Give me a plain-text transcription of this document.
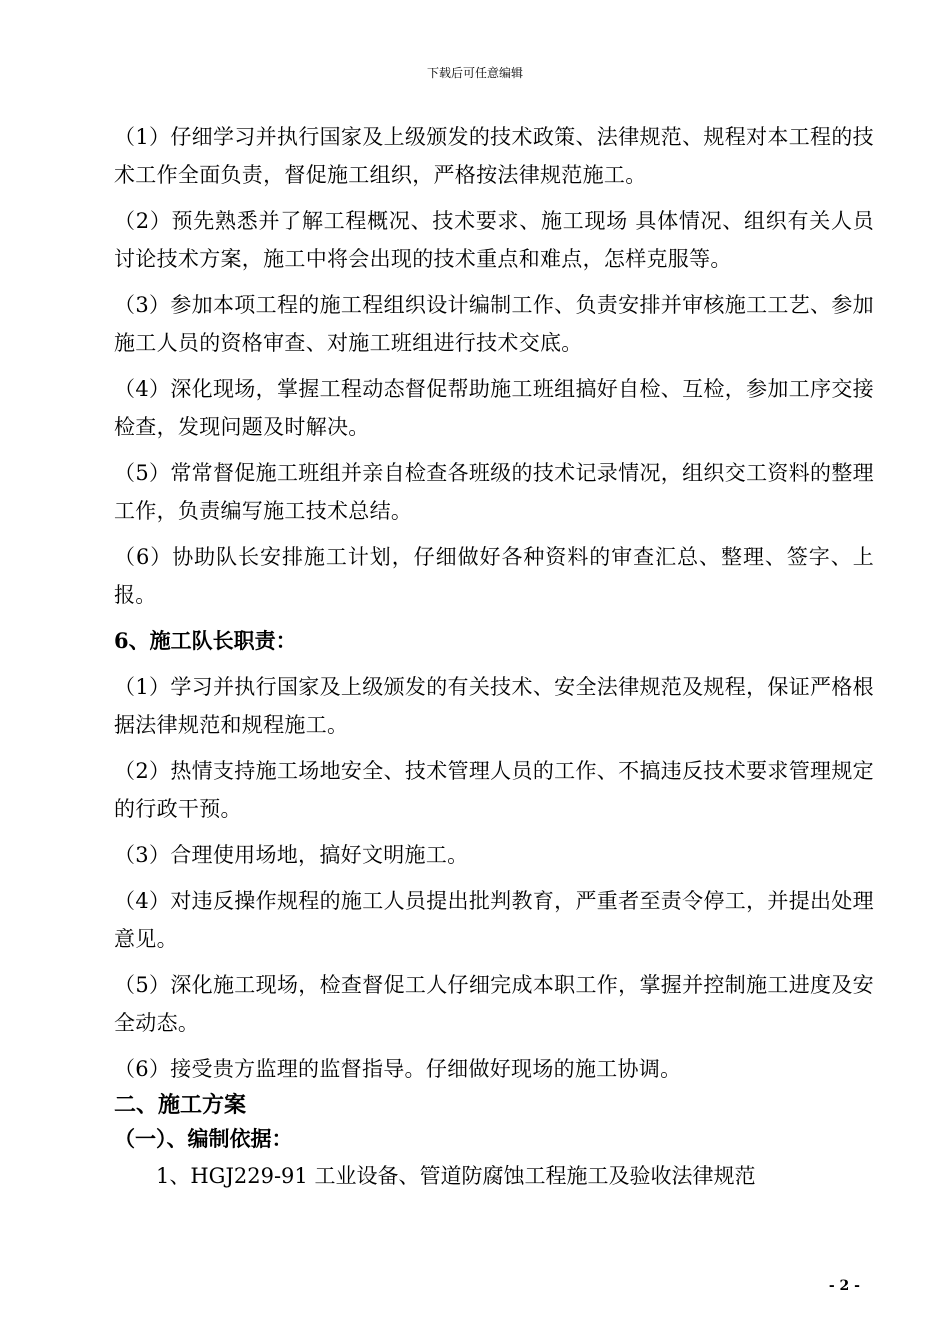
下载后可任意编辑

（1）仔细学习并执行国家及上级颁发的技术政策、法律规范、规程对本工程的技术工作全面负责，督促施工组织，严格按法律规范施工。

（2）预先熟悉并了解工程概况、技术要求、施工现场 具体情况、组织有关人员讨论技术方案，施工中将会出现的技术重点和难点，怎样克服等。

（3）参加本项工程的施工程组织设计编制工作、负责安排并审核施工工艺、参加施工人员的资格审查、对施工班组进行技术交底。

（4）深化现场，掌握工程动态督促帮助施工班组搞好自检、互检，参加工序交接检查，发现问题及时解决。

（5）常常督促施工班组并亲自检查各班级的技术记录情况，组织交工资料的整理工作，负责编写施工技术总结。

（6）协助队长安排施工计划，仔细做好各种资料的审查汇总、整理、签字、上报。

6、施工队长职责：

（1）学习并执行国家及上级颁发的有关技术、安全法律规范及规程，保证严格根据法律规范和规程施工。

（2）热情支持施工场地安全、技术管理人员的工作、不搞违反技术要求管理规定的行政干预。

（3）合理使用场地，搞好文明施工。

（4）对违反操作规程的施工人员提出批判教育，严重者至责令停工，并提出处理意见。

（5）深化施工现场，检查督促工人仔细完成本职工作，掌握并控制施工进度及安全动态。

（6）接受贵方监理的监督指导。仔细做好现场的施工协调。

二、施工方案

（一）、编制依据：

1、HGJ229-91 工业设备、管道防腐蚀工程施工及验收法律规范

- 2 -
